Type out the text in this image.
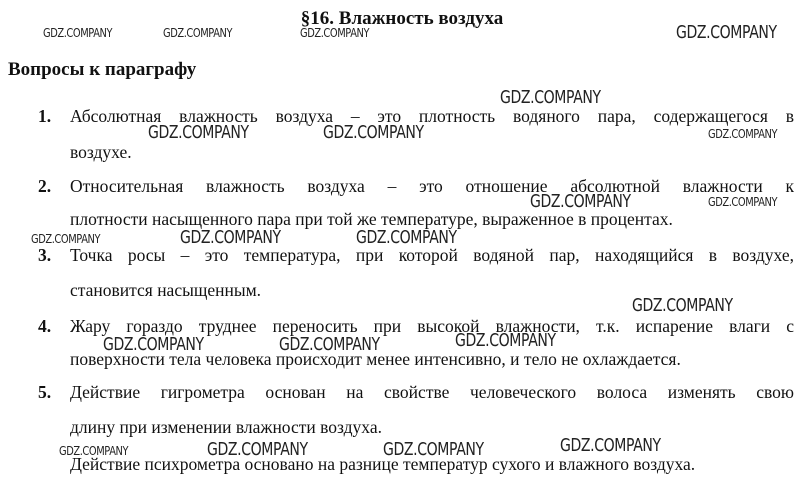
§16. Влажность воздуха
Вопросы к параграфу
1. Абсолютная влажность воздуха – это плотность водяного пара, содержащегося в
воздухе.
2. Относительная влажность воздуха – это отношение абсолютной влажности к
плотности насыщенного пара при той же температуре, выраженное в процентах.
3. Точка росы – это температура, при которой водяной пар, находящийся в воздухе,
становится насыщенным.
4. Жару гораздо труднее переносить при высокой влажности, т.к. испарение влаги с
поверхности тела человека происходит менее интенсивно, и тело не охлаждается.
5. Действие гигрометра основан на свойстве человеческого волоса изменять свою
длину при изменении влажности воздуха.
Действие психрометра основано на разнице температур сухого и влажного воздуха.
GDZ.COMPANY	GDZ.COMPANY	GDZ.COMPANY	GDZ.COMPANY
GDZ.COMPANY
GDZ.COMPANY	GDZ.COMPANY	GDZ.COMPANY
GDZ.COMPANY	GDZ.COMPANY
GDZ.COMPANY	GDZ.COMPANY	GDZ.COMPANY
GDZ.COMPANY
GDZ.COMPANY	GDZ.COMPANY	GDZ.COMPANY
GDZ.COMPANY
GDZ.COMPANY	GDZ.COMPANY	GDZ.COMPANY
